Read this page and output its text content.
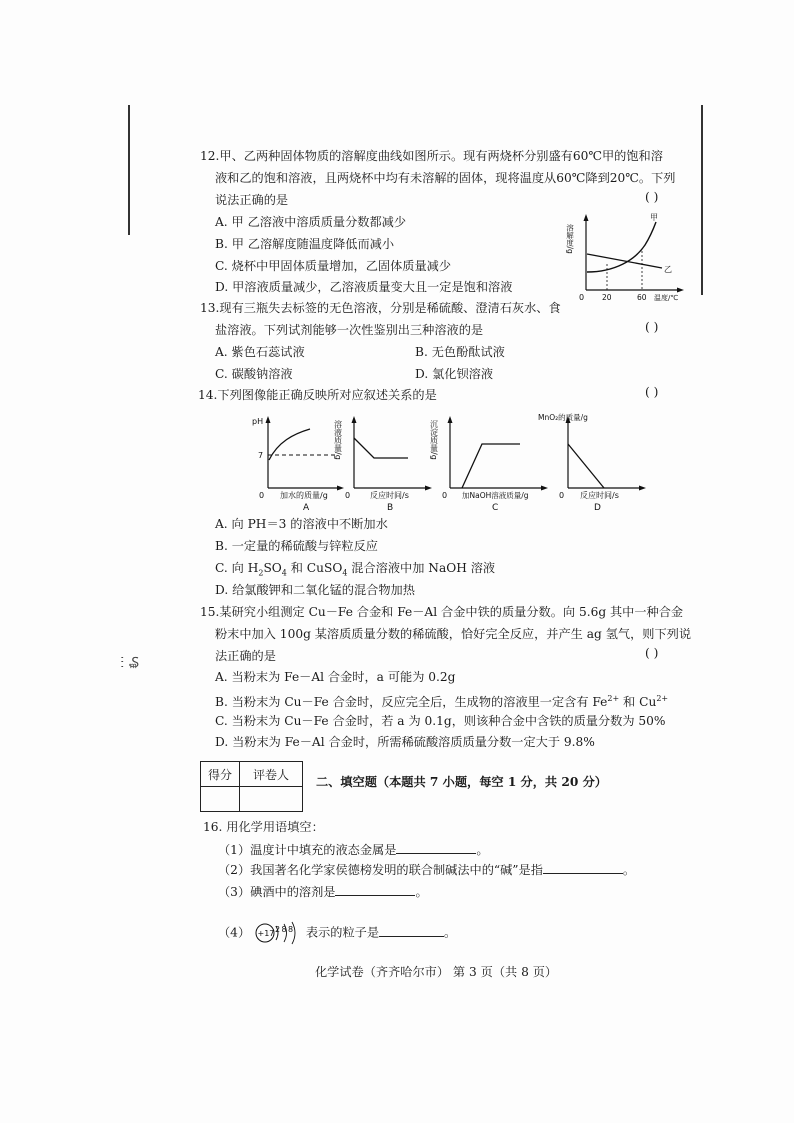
ⵗ ₷
12.甲、乙两种固体物质的溶解度曲线如图所示。现有两烧杯分别盛有60℃甲的饱和溶
液和乙的饱和溶液，且两烧杯中均有未溶解的固体，现将温度从60℃降到20℃。下列
说法正确的是	( )
A. 甲 乙溶液中溶质质量分数都减少
B. 甲 乙溶解度随温度降低而减小
C. 烧杯中甲固体质量增加，乙固体质量减少
D. 甲溶液质量减少，乙溶液质量变大且一定是饱和溶液
溶解度/g
甲
乙
0 20	60 温度/℃
13.现有三瓶失去标签的无色溶液，分别是稀硫酸、澄清石灰水、食
盐溶液。下列试剂能够一次性鉴别出三种溶液的是	( )
A. 紫色石蕊试液	B. 无色酚酞试液
C. 碳酸钠溶液	D. 氯化钡溶液
14.下列图像能正确反映所对应叙述关系的是	( )
pH
7
0 加水的质量/g
A
溶液质量/g
0 反应时间/s
B
沉淀质量/g
0 加NaOH溶液质量/g
C
MnO₂的质量/g
0 反应时间/s
D
A. 向 PH＝3 的溶液中不断加水
B. 一定量的稀硫酸与锌粒反应
C. 向 $H_2SO_4$ 和 CuSO$_4$ 混合溶液中加 NaOH 溶液
D. 给氯酸钾和二氧化锰的混合物加热
15.某研究小组测定 Cu－Fe 合金和 Fe－Al 合金中铁的质量分数。向 5.6g 其中一种合金
粉末中加入 100g 某溶质质量分数的稀硫酸，恰好完全反应，并产生 ag 氢气，则下列说
法正确的是	( )
A. 当粉末为 Fe－Al 合金时，a 可能为 0.2g
B. 当粉末为 Cu－Fe 合金时，反应完全后，生成物的溶液里一定含有 $Fe^{2+}$ 和 $Cu^{2+}$
C. 当粉末为 Cu－Fe 合金时，若 a 为 0.1g，则该种合金中含铁的质量分数为 50%
D. 当粉末为 Fe－Al 合金时，所需稀硫酸溶质质量分数一定大于 9.8%
得分	评卷人

二、填空题（本题共 7 小题，每空 1 分，共 20 分）
16. 用化学用语填空：
（1）温度计中填充的液态金属是	。
（2）我国著名化学家侯德榜发明的联合制碱法中的“碱”是指	。
（3）碘酒中的溶剂是	。
（4） +17 288 表示的粒子是	。
化学试卷（齐齐哈尔市） 第 3 页（共 8 页）
